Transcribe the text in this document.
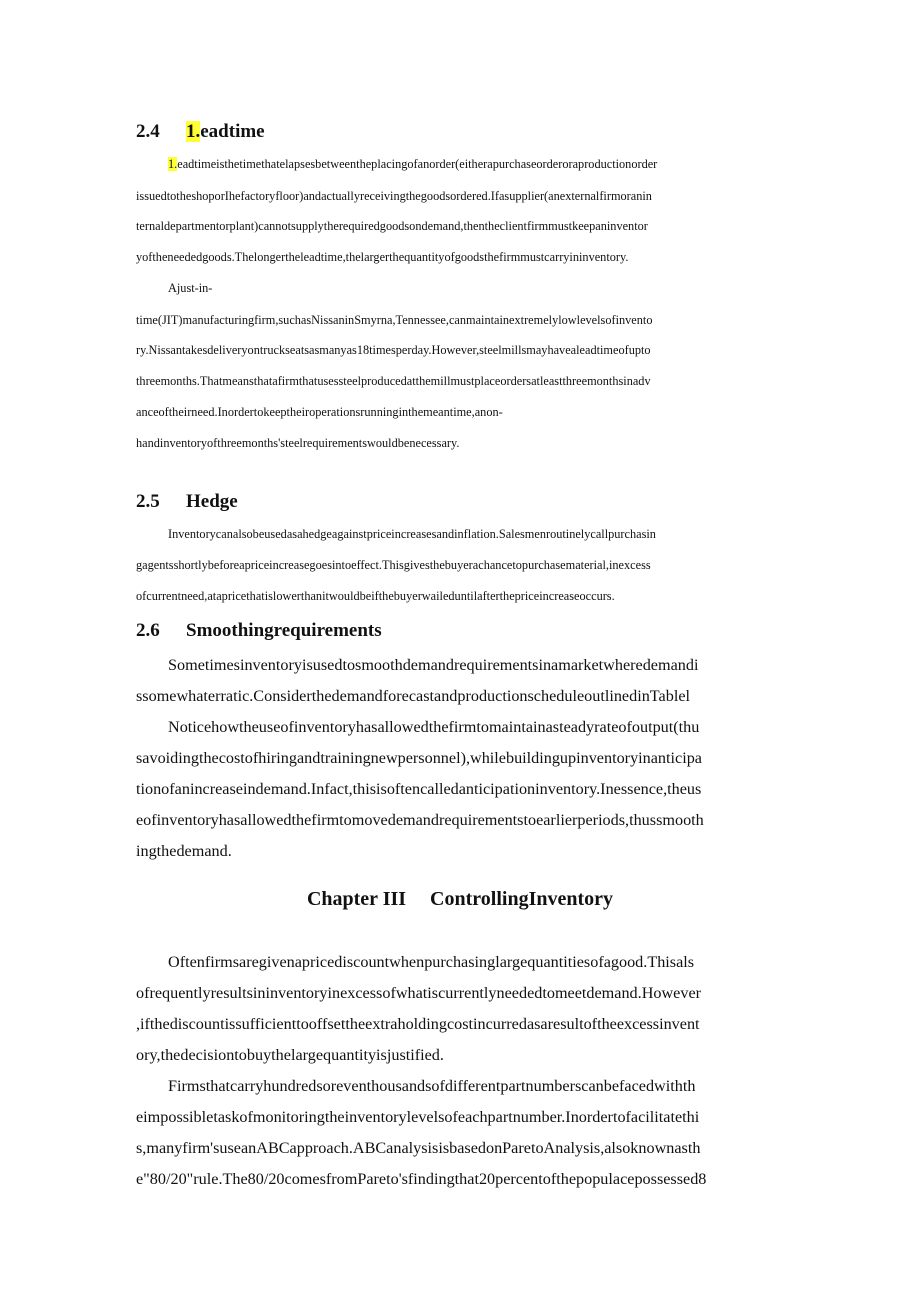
2.4 1.eadtime

1.eadtimeisthetimethatelapsesbetweentheplacingofanorder(eitherapurchaseorderoraproductionorder

issuedtotheshoporIhefactoryfloor)andactuallyreceivingthegoodsordered.Ifasupplier(anexternalfirmoranin

ternaldepartmentorplant)cannotsupplytherequiredgoodsondemand,thentheclientfirmmustkeepaninventor

yofthenee​dedgoods.Thelongertheleadtime,thelargerthequantityofgoodsthefirmmustcarryininventory.

Ajust-in-

time(JIT)manufacturingfirm,suchasNissaninSmyrna,Tennessee,canmaintainextremelylowlevelsofinvento

ry.Nissantakesdeliveryontruckseatsasmanyas18timesperday.However,steelmillsmayhavealeadtimeofupto

threemonths.Thatmeansthatafirmthatusessteelproducedatthemillmustplaceordersatleastthreemonthsinadv

anceoftheirneed.Inordertokeeptheiroperationsrunninginthemeantime,anon-

handinventoryofthreemonths'steelrequirementswouldbenecessary.

2.5 Hedge

Inventorycanalsobeusedasahedgeagainstpriceincreasesandinflation.Salesmenroutinelycallpurchasin

gagentsshortlybeforeapriceincreasegoesintoeffect.Thisgivesthebuyerachancetopurchasematerial,inexcess

ofcurrentneed,atapricethatislowerthanitwouldbeifthebuyerwaileduntilafterthepriceincreaseoccurs.

2.6 Smoothingrequirements

Sometimesinventoryisusedtosmoothdemandrequirementsinamarketwheredemandi

ssomewhaterratic.ConsiderthedemandforecastandproductionscheduleoutlinedinTablel

Noticehowtheuseofinventoryhasallowedthefirmtomaintainasteadyrateofoutput(thu

savoidingthecostofhiringandtrainingnewpersonnel),whilebuildingupinventoryinanticipa

tionofanincreaseindemand.Infact,thisisoftencalledanticipationinventory.Inessence,theus

eofinventoryhasallowedthefirmtomovedemandrequirementstoearlierperiods,thussmooth

ingthedemand.

Chapter III ControllingInventory

Oftenfirmsaregivenapricediscountwhenpurchasinglargequantitiesofagood.Thisals

ofrequentlyresultsininventoryinexcessofwhatiscurrentlyneededtomeetdemand.However

,ifthediscountissufficienttooffsettheextraholdingcostincurredasaresultoftheexcessinvent

ory,thedecisiontobuythelargequantityisjustified.

Firmsthatcarryhundredsoreventhousandsofdifferentpartnumberscanbefacedwithth

eimpossibletaskofmonitoringtheinventorylevelsofeachpartnumber.Inordertofacilitatethi

s,manyfirm'suseanABCapproach.ABCanalysisisbasedonParetoAnalysis,alsoknownasth

e"80/20"rule.The80/20comesfromPareto'sfindingthat20percentofthepopulacepossessed8
